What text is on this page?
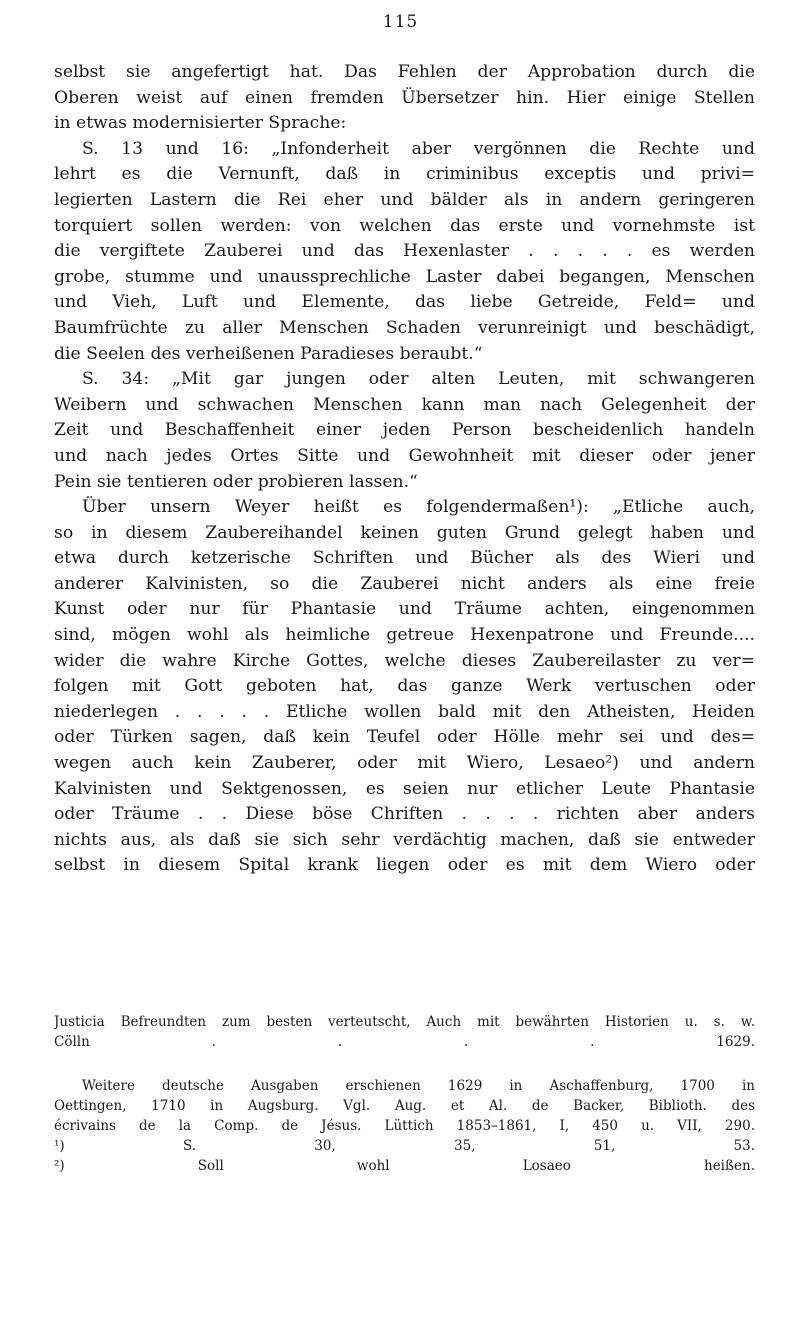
115
selbst sie angefertigt hat. Das Fehlen der Approbation durch die
Oberen weist auf einen fremden Übersetzer hin. Hier einige Stellen
in etwas modernisierter Sprache:
S. 13 und 16: „Infonderheit aber vergönnen die Rechte und
lehrt es die Vernunft, daß in criminibus exceptis und privi=
legierten Lastern die Rei eher und bälder als in andern geringeren
torquiert sollen werden: von welchen das erste und vornehmste ist
die vergiftete Zauberei und das Hexenlaster . . . . . es werden
grobe, stumme und unaussprechliche Laster dabei begangen, Menschen
und Vieh, Luft und Elemente, das liebe Getreide, Feld= und
Baumfrüchte zu aller Menschen Schaden verunreinigt und beschädigt,
die Seelen des verheißenen Paradieses beraubt.“
S. 34: „Mit gar jungen oder alten Leuten, mit schwangeren
Weibern und schwachen Menschen kann man nach Gelegenheit der
Zeit und Beschaffenheit einer jeden Person bescheidenlich handeln
und nach jedes Ortes Sitte und Gewohnheit mit dieser oder jener
Pein sie tentieren oder probieren lassen.“
Über unsern Weyer heißt es folgendermaßen¹): „Etliche auch,
so in diesem Zaubereihandel keinen guten Grund gelegt haben und
etwa durch ketzerische Schriften und Bücher als des Wieri und
anderer Kalvinisten, so die Zauberei nicht anders als eine freie
Kunst oder nur für Phantasie und Träume achten, eingenommen
sind, mögen wohl als heimliche getreue Hexenpatrone und Freunde....
wider die wahre Kirche Gottes, welche dieses Zaubereilaster zu ver=
folgen mit Gott geboten hat, das ganze Werk vertuschen oder
niederlegen . . . . . Etliche wollen bald mit den Atheisten, Heiden
oder Türken sagen, daß kein Teufel oder Hölle mehr sei und des=
wegen auch kein Zauberer, oder mit Wiero, Lesaeo²) und andern
Kalvinisten und Sektgenossen, es seien nur etlicher Leute Phantasie
oder Träume . . Diese böse Chriften . . . . richten aber anders
nichts aus, als daß sie sich sehr verdächtig machen, daß sie entweder
selbst in diesem Spital krank liegen oder es mit dem Wiero oder
Justicia Befreundten zum besten verteutscht, Auch mit bewährten Historien u. s. w.
Cölln . . . . 1629.
Weitere deutsche Ausgaben erschienen 1629 in Aschaffenburg, 1700 in
Oettingen, 1710 in Augsburg. Vgl. Aug. et Al. de Backer, Biblioth. des
écrivains de la Comp. de Jésus. Lüttich 1853–1861, I, 450 u. VII, 290.
¹) S. 30, 35, 51, 53.
²) Soll wohl Losaeo heißen.
